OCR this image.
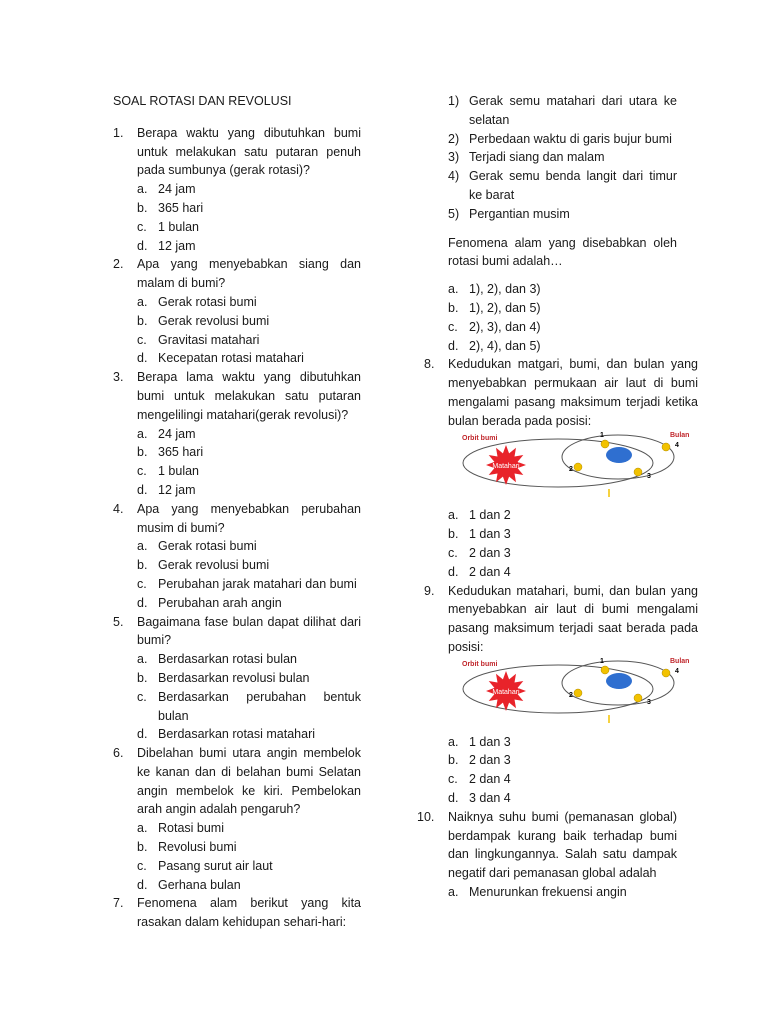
SOAL ROTASI DAN REVOLUSI

1.	Berapa waktu yang dibutuhkan bumi untuk melakukan satu putaran penuh pada sumbunya (gerak rotasi)?

a. 24 jam
b. 365 hari
c. 1 bulan
d. 12 jam
2.	Apa yang menyebabkan siang dan malam di bumi?

a. Gerak rotasi bumi
b. Gerak revolusi bumi
c. Gravitasi matahari
d. Kecepatan rotasi matahari
3.	Berapa lama waktu yang dibutuhkan bumi untuk melakukan satu putaran mengelilingi matahari(gerak revolusi)?

a. 24 jam
b. 365 hari
c. 1 bulan
d. 12 jam
4.	Apa yang menyebabkan perubahan musim di bumi?

a. Gerak rotasi bumi
b. Gerak revolusi bumi
c. Perubahan jarak matahari dan bumi
d. Perubahan arah angin
5.	Bagaimana fase bulan dapat dilihat dari bumi?

a. Berdasarkan rotasi bulan
b. Berdasarkan revolusi bulan
c. Berdasarkan perubahan bentuk bulan
d. Berdasarkan rotasi matahari
6.	Dibelahan bumi utara angin membelok ke kanan dan di belahan bumi Selatan angin membelok ke kiri. Pembelokan arah angin adalah pengaruh?

a. Rotasi bumi
b. Revolusi bumi
c. Pasang surut air laut
d. Gerhana bulan
7.	Fenomena alam berikut yang kita rasakan dalam kehidupan sehari-hari:

1) Gerak semu matahari dari utara ke selatan
2) Perbedaan waktu di garis bujur bumi
3) Terjadi siang dan malam
4) Gerak semu benda langit dari timur ke barat
5) Pergantian musim

Fenomena alam yang disebabkan oleh rotasi bumi adalah…

a. 1), 2), dan 3)
b. 1), 2), dan 5)
c. 2), 3), dan 4)
d. 2), 4), dan 5)
8.	Kedudukan matgari, bumi, dan bulan yang menyebabkan permukaan air laut di bumi mengalami pasang maksimum terjadi ketika bulan berada pada posisi:

Matahari
Orbit bumi	Bulan
1
2
3
4
a. 1 dan 2
b. 1 dan 3
c. 2 dan 3
d. 2 dan 4
9.	Kedudukan matahari, bumi, dan bulan yang menyebabkan air laut di bumi mengalami pasang maksimum terjadi saat berada pada posisi:

Matahari
Orbit bumi	Bulan
1
2
3
4
a. 1 dan 3
b. 2 dan 3
c. 2 dan 4
d. 3 dan 4
10.	Naiknya suhu bumi (pemanasan global) berdampak kurang baik terhadap bumi dan lingkungannya. Salah satu dampak negatif dari pemanasan global adalah

a. Menurunkan frekuensi angin
